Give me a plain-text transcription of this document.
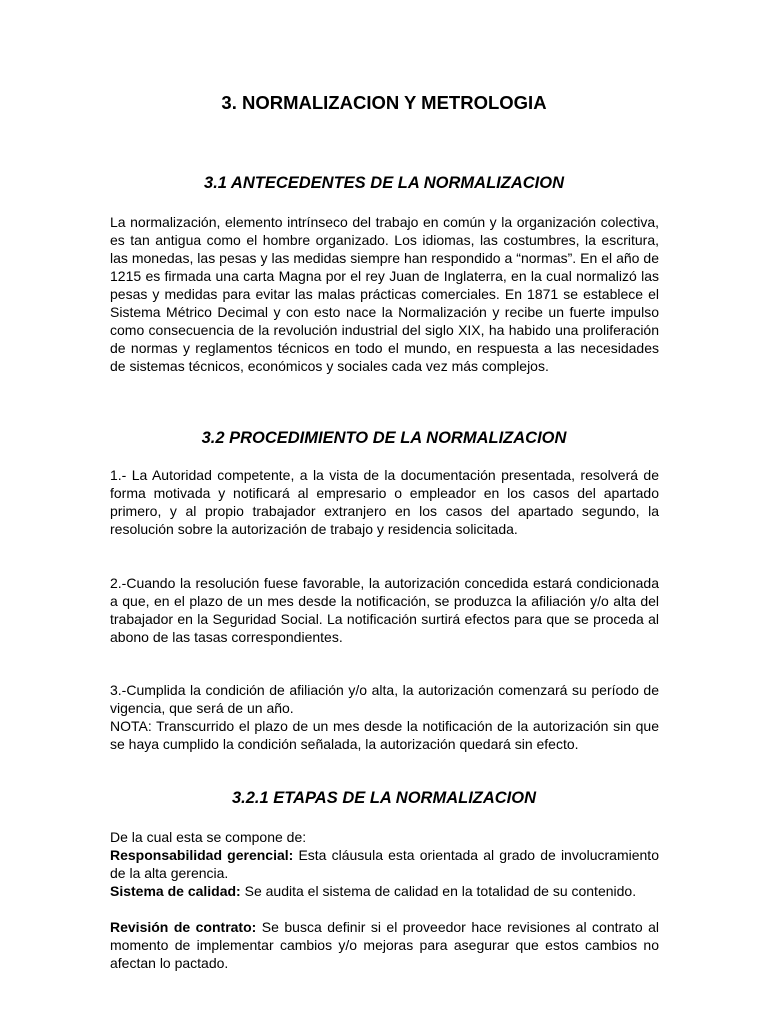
3. NORMALIZACION Y METROLOGIA
3.1 ANTECEDENTES DE LA NORMALIZACION

La normalización, elemento intrínseco del trabajo en común y la organización colectiva, es tan antigua como el hombre organizado. Los idiomas, las costumbres, la escritura, las monedas, las pesas y las medidas siempre han respondido a “normas”. En el año de 1215 es firmada una carta Magna por el rey Juan de Inglaterra, en la cual normalizó las pesas y medidas para evitar las malas prácticas comerciales. En 1871 se establece el Sistema Métrico Decimal y con esto nace la Normalización y recibe un fuerte impulso como consecuencia de la revolución industrial del siglo XIX, ha habido una proliferación de normas y reglamentos técnicos en todo el mundo, en respuesta a las necesidades de sistemas técnicos, económicos y sociales cada vez más complejos.

3.2 PROCEDIMIENTO DE LA NORMALIZACION

1.- La Autoridad competente, a la vista de la documentación presentada, resolverá de forma motivada y notificará al empresario o empleador en los casos del apartado primero, y al propio trabajador extranjero en los casos del apartado segundo, la resolución sobre la autorización de trabajo y residencia solicitada.

2.-Cuando la resolución fuese favorable, la autorización concedida estará condicionada a que, en el plazo de un mes desde la notificación, se produzca la afiliación y/o alta del trabajador en la Seguridad Social. La notificación surtirá efectos para que se proceda al abono de las tasas correspondientes.

3.-Cumplida la condición de afiliación y/o alta, la autorización comenzará su período de vigencia, que será de un año.

NOTA: Transcurrido el plazo de un mes desde la notificación de la autorización sin que se haya cumplido la condición señalada, la autorización quedará sin efecto.

3.2.1 ETAPAS DE LA NORMALIZACION

De la cual esta se compone de:

Responsabilidad gerencial: Esta cláusula esta orientada al grado de involucramiento de la alta gerencia.

Sistema de calidad: Se audita el sistema de calidad en la totalidad de su contenido.

Revisión de contrato: Se busca definir si el proveedor hace revisiones al contrato al momento de implementar cambios y/o mejoras para asegurar que estos cambios no afectan lo pactado.
